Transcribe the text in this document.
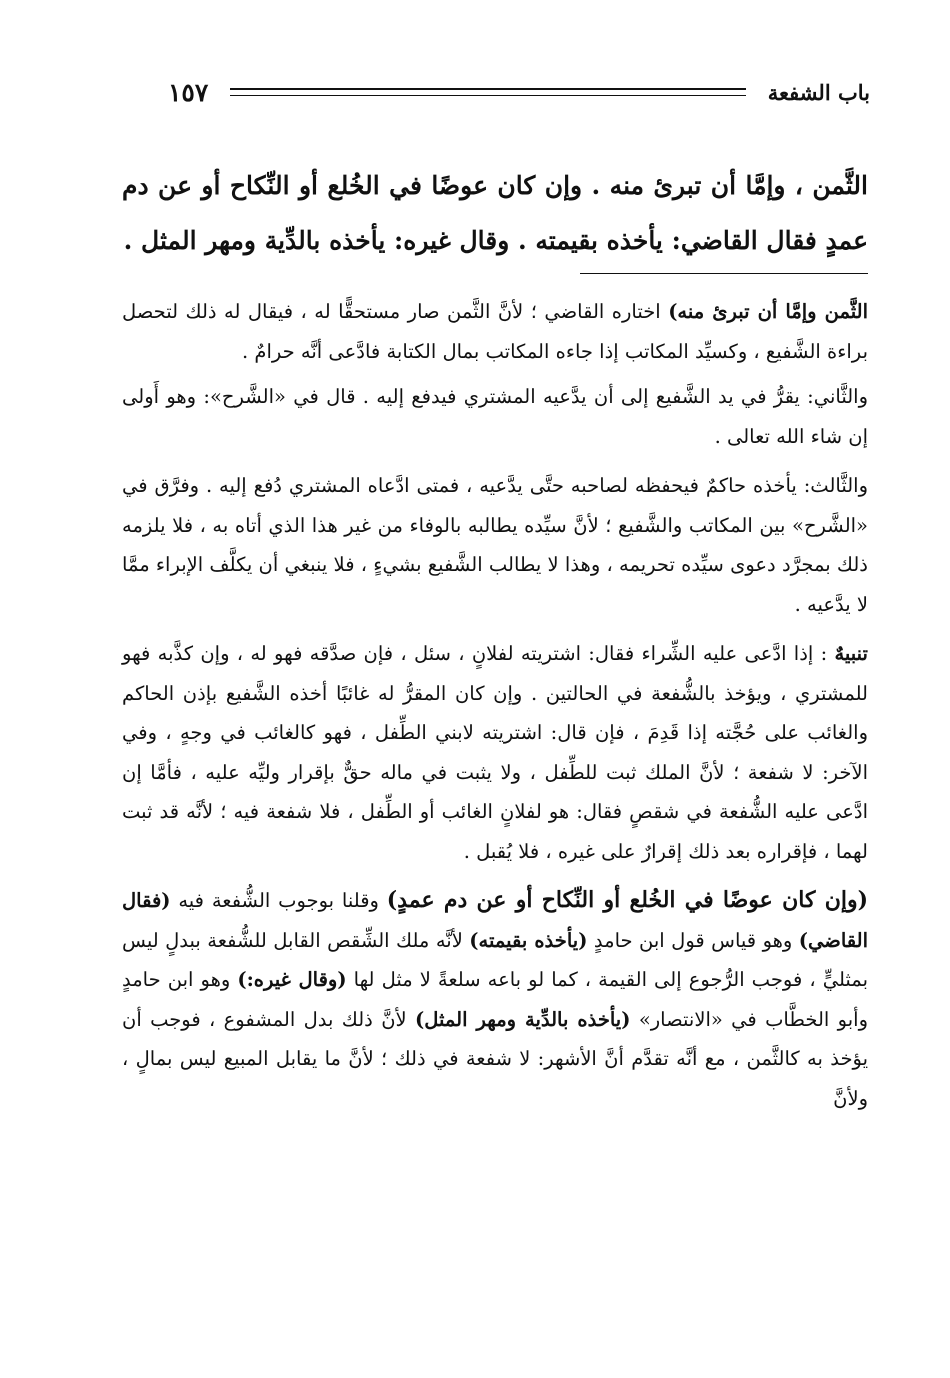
باب الشفعة
١٥٧

الثَّمن ، وإمَّا أن تبرئ منه . وإن كان عوضًا في الخُلع أو النِّكاح أو عن دم عمدٍ فقال القاضي: يأخذه بقيمته . وقال غيره: يأخذه بالدِّية ومهر المثل .

الثَّمن وإمَّا أن تبرئ منه) اختاره القاضي ؛ لأنَّ الثَّمن صار مستحقًّا له ، فيقال له ذلك لتحصل براءة الشَّفيع ، وكسيِّد المكاتب إذا جاءه المكاتب بمال الكتابة فادَّعى أنَّه حرامٌ .

والثَّاني: يقرُّ في يد الشَّفيع إلى أن يدَّعيه المشتري فيدفع إليه . قال في «الشَّرح»: وهو أَولى إن شاء الله تعالى .

والثَّالث: يأخذه حاكمٌ فيحفظه لصاحبه حتَّى يدَّعيه ، فمتى ادَّعاه المشتري دُفع إليه . وفرَّق في «الشَّرح» بين المكاتب والشَّفيع ؛ لأنَّ سيِّده يطالبه بالوفاء من غير هذا الذي أتاه به ، فلا يلزمه ذلك بمجرَّد دعوى سيِّده تحريمه ، وهذا لا يطالب الشَّفيع بشيءٍ ، فلا ينبغي أن يكلَّف الإبراء ممَّا لا يدَّعيه .

تنبيهٌ : إذا ادَّعى عليه الشِّراء فقال: اشتريته لفلانٍ ، سئل ، فإن صدَّقه فهو له ، وإن كذَّبه فهو للمشتري ، ويؤخذ بالشُّفعة في الحالتين . وإن كان المقرُّ له غائبًا أخذه الشَّفيع بإذن الحاكم والغائب على حُجَّته إذا قَدِمَ ، فإن قال: اشتريته لابني الطِّفل ، فهو كالغائب في وجهٍ ، وفي الآخر: لا شفعة ؛ لأنَّ الملك ثبت للطِّفل ، ولا يثبت في ماله حقٌّ بإقرار وليِّه عليه ، فأمَّا إن ادَّعى عليه الشُّفعة في شقصٍ فقال: هو لفلانٍ الغائب أو الطِّفل ، فلا شفعة فيه ؛ لأنَّه قد ثبت لهما ، فإقراره بعد ذلك إقرارٌ على غيره ، فلا يُقبل .

(وإن كان عوضًا في الخُلع أو النِّكاح أو عن دم عمدٍ) وقلنا بوجوب الشُّفعة فيه (فقال القاضي) وهو قياس قول ابن حامدٍ (يأخذه بقيمته) لأنَّه ملك الشِّقص القابل للشُّفعة ببدلٍ ليس بمثليٍّ ، فوجب الرُّجوع إلى القيمة ، كما لو باعه سلعةً لا مثل لها (وقال غيره:) وهو ابن حامدٍ وأبو الخطَّاب في «الانتصار» (يأخذه بالدِّية ومهر المثل) لأنَّ ذلك بدل المشفوع ، فوجب أن يؤخذ به كالثَّمن ، مع أنَّه تقدَّم أنَّ الأشهر: لا شفعة في ذلك ؛ لأنَّ ما يقابل المبيع ليس بمالٍ ، ولأنَّ
